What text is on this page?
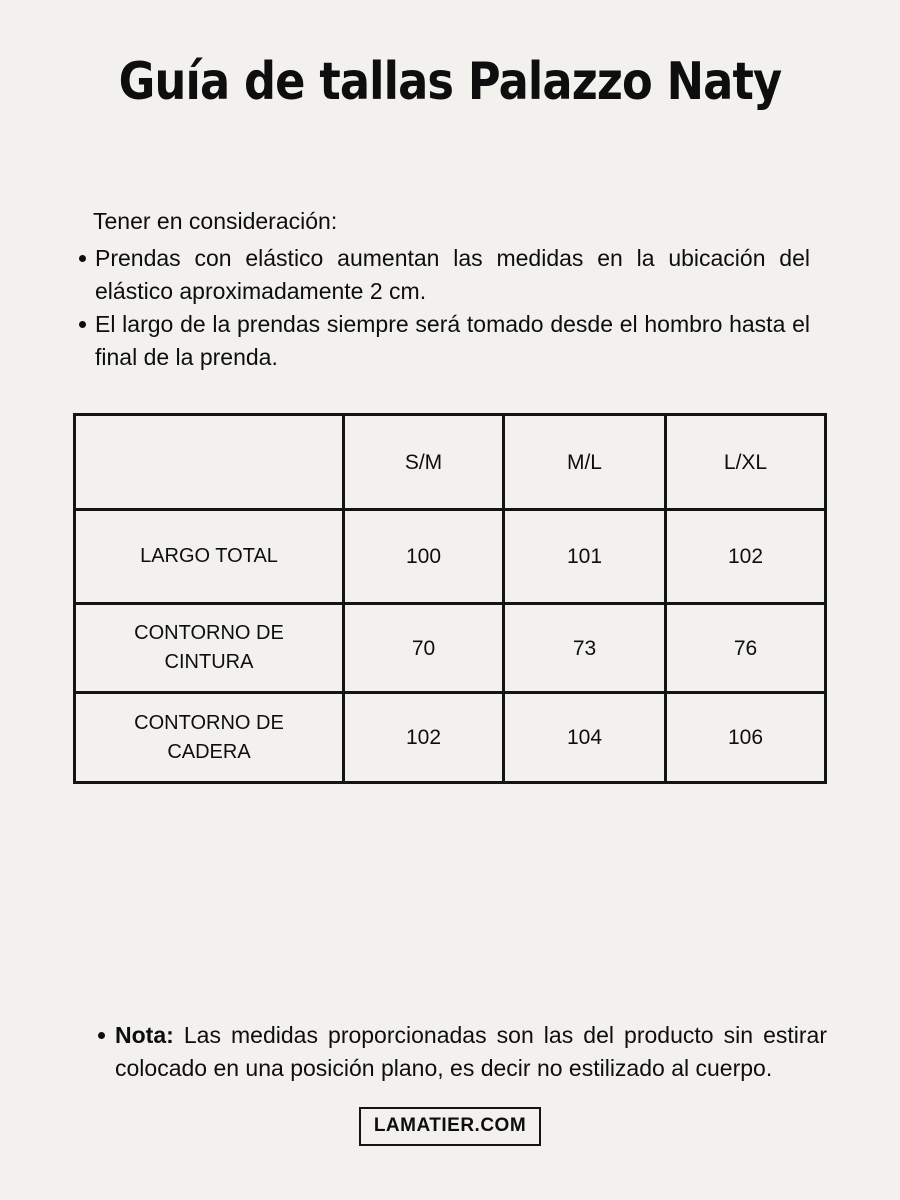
Guía de tallas Palazzo Naty
Tener en consideración:
Prendas con elástico aumentan las medidas en la ubicación del elástico aproximadamente 2 cm.
El largo de la prendas siempre será tomado desde el hombro hasta el final de la prenda.
	S/M	M/L	L/XL
LARGO TOTAL	100	101	102
CONTORNO DE CINTURA	70	73	76
CONTORNO DE CADERA	102	104	106
Nota: Las medidas proporcionadas son las del producto sin estirar colocado en una posición plano, es decir no estilizado al cuerpo.
LAMATIER.COM
